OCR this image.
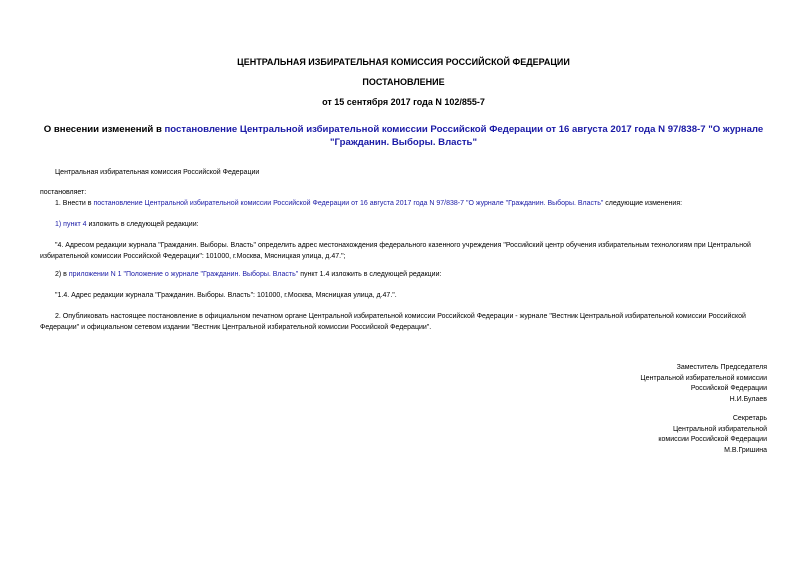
ЦЕНТРАЛЬНАЯ ИЗБИРАТЕЛЬНАЯ КОМИССИЯ РОССИЙСКОЙ ФЕДЕРАЦИИ
ПОСТАНОВЛЕНИЕ
от 15 сентября 2017 года N 102/855-7
О внесении изменений в постановление Центральной избирательной комиссии Российской Федерации от 16 августа 2017 года N 97/838-7 "О журнале "Гражданин. Выборы. Власть"
Центральная избирательная комиссия Российской Федерации
постановляет:
1. Внести в постановление Центральной избирательной комиссии Российской Федерации от 16 августа 2017 года N 97/838-7 "О журнале "Гражданин. Выборы. Власть" следующие изменения:
1) пункт 4 изложить в следующей редакции:
"4. Адресом редакции журнала "Гражданин. Выборы. Власть" определить адрес местонахождения федерального казенного учреждения "Российский центр обучения избирательным технологиям при Центральной избирательной комиссии Российской Федерации": 101000, г.Москва, Мясницкая улица, д.47.";
2) в приложении N 1 "Положение о журнале "Гражданин. Выборы. Власть" пункт 1.4 изложить в следующей редакции:
"1.4. Адрес редакции журнала "Гражданин. Выборы. Власть": 101000, г.Москва, Мясницкая улица, д.47.".
2. Опубликовать настоящее постановление в официальном печатном органе Центральной избирательной комиссии Российской Федерации - журнале "Вестник Центральной избирательной комиссии Российской Федерации" и официальном сетевом издании "Вестник Центральной избирательной комиссии Российской Федерации".
Заместитель Председателя
Центральной избирательной комиссии
Российской Федерации
Н.И.Булаев
Секретарь
Центральной избирательной
комиссии Российской Федерации
М.В.Гришина
